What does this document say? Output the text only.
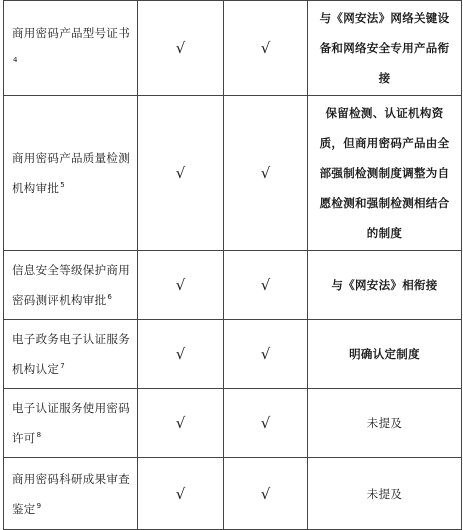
商用密码产品型号证书$^4$	√	√	与《网安法》网络关键设备和网络安全专用产品衔接
商用密码产品质量检测机构审批$^5$	√	√	保留检测、认证机构资质，但商用密码产品由全部强制检测制度调整为自愿检测和强制检测相结合的制度
信息安全等级保护商用密码测评机构审批$^6$	√	√	与《网安法》相衔接
电子政务电子认证服务机构认定$^7$	√	√	明确认定制度
电子认证服务使用密码许可$^8$	√	√	未提及
商用密码科研成果审查鉴定$^9$	√	√	未提及
